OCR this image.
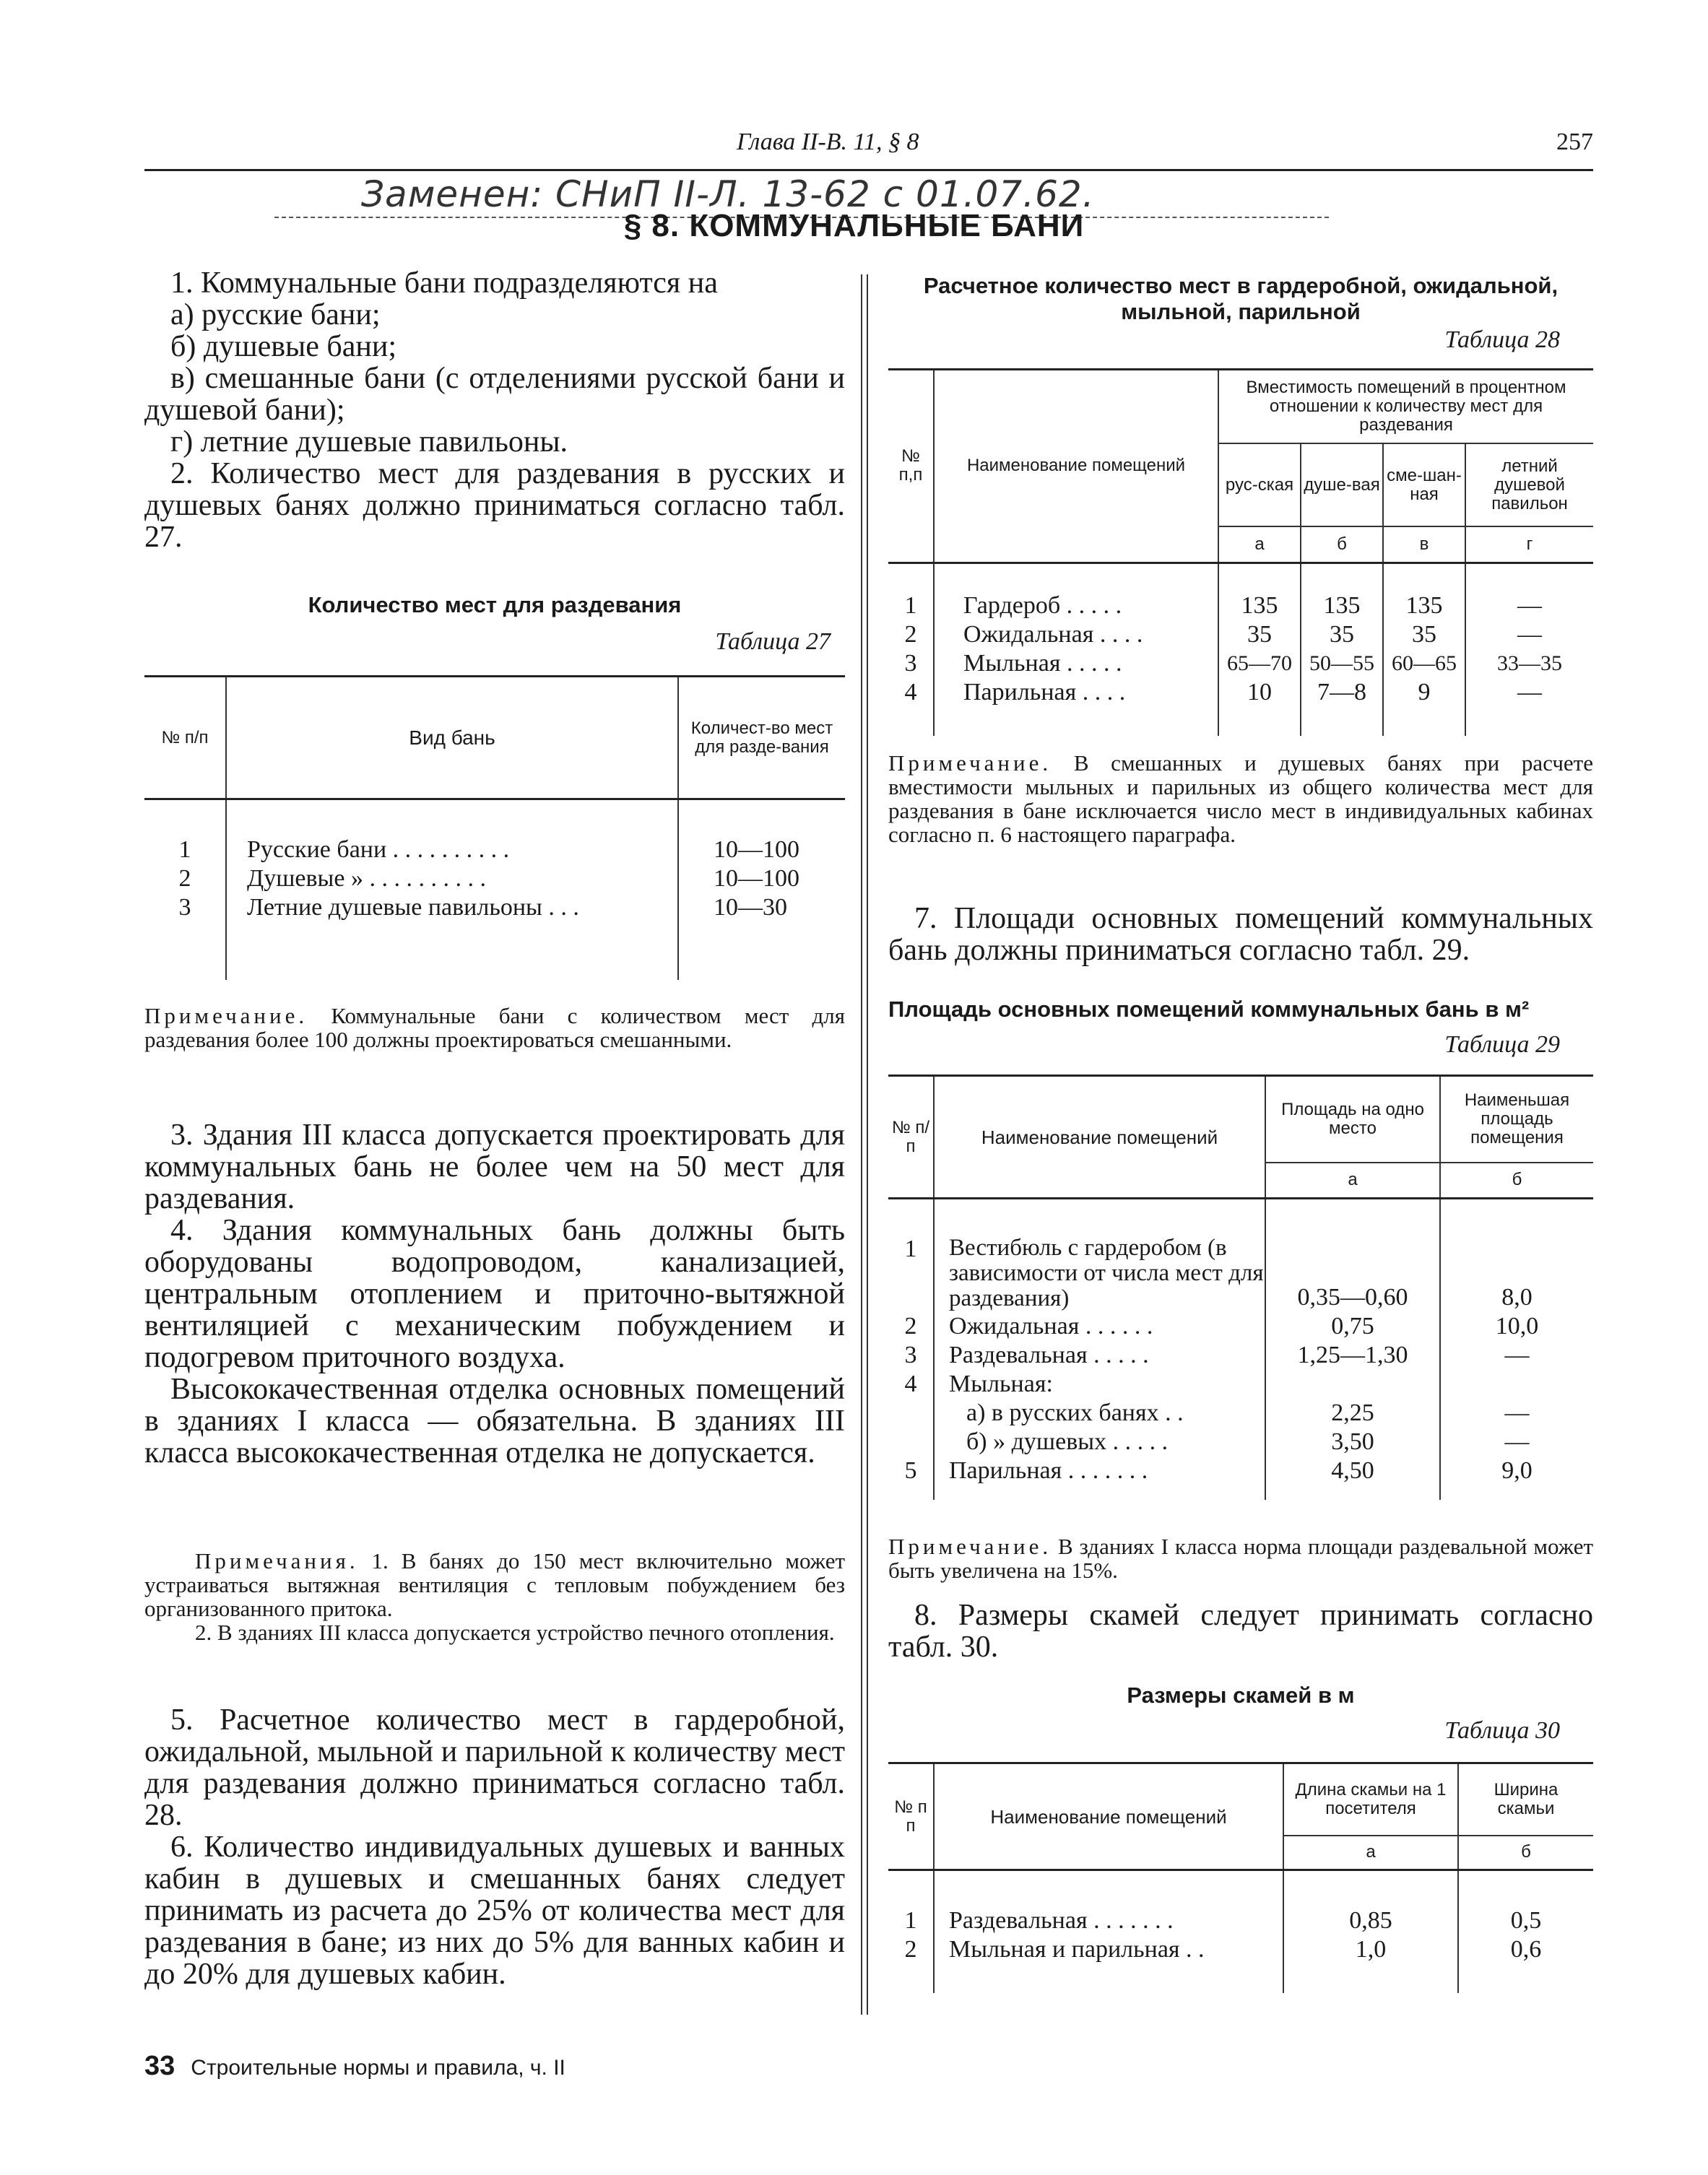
Глава II-В. 11, § 8	257
Заменен: СНиП II-Л. 13-62 с 01.07.62.
§ 8. КОММУНАЛЬНЫЕ БАНИ

1. Коммунальные бани подразделяются на

а) русские бани;

б) душевые бани;

в) смешанные бани (с отделениями русской бани и душевой бани);

г) летние душевые павильоны.

2. Количество мест для раздевания в русских и душевых банях должно приниматься согласно табл. 27.

Количество мест для раздевания
Таблица 27
№ п/п	Вид бань	Количест-во мест для разде-вания

1	Русские бани . . . . . . . . . .	10—100
2	Душевые » . . . . . . . . . .	10—100
3	Летние душевые павильоны . . .	10—30

Примечание. Коммунальные бани с количеством мест для раздевания более 100 должны проектироваться смешанными.

3. Здания III класса допускается проектировать для коммунальных бань не более чем на 50 мест для раздевания.

4. Здания коммунальных бань должны быть оборудованы водопроводом, канализацией, центральным отоплением и приточно-вытяжной вентиляцией с механическим побуждением и подогревом приточного воздуха.

Высококачественная отделка основных помещений в зданиях I класса — обязательна. В зданиях III класса высококачественная отделка не допускается.

Примечания. 1. В банях до 150 мест включительно может устраиваться вытяжная вентиляция с тепловым побуждением без организованного притока.

2. В зданиях III класса допускается устройство печного отопления.

5. Расчетное количество мест в гардеробной, ожидальной, мыльной и парильной к количеству мест для раздевания должно приниматься согласно табл. 28.

6. Количество индивидуальных душевых и ванных кабин в душевых и смешанных банях следует принимать из расчета до 25% от количества мест для раздевания в бане; из них до 5% для ванных кабин и до 20% для душевых кабин.

Расчетное количество мест в гардеробной, ожидальной, мыльной, парильной
Таблица 28
№ п,п	Наименование помещений	Вместимость помещений в процентном отношении к количеству мест для раздевания			
		рус-ская	душе-вая	сме-шан-ная	летний душевой павильон
		а	б	в	г

1	Гардероб . . . . .	135	135	135	—
2	Ожидальная . . . .	35	35	35	—
3	Мыльная . . . . .	65—70	50—55	60—65	33—35
4	Парильная . . . .	10	7—8	9	—

Примечание. В смешанных и душевых банях при расчете вместимости мыльных и парильных из общего количества мест для раздевания в бане исключается число мест в индивидуальных кабинах согласно п. 6 настоящего параграфа.

7. Площади основных помещений коммунальных бань должны приниматься согласно табл. 29.

Площадь основных помещений коммунальных бань в м²
Таблица 29
№ п/п	Наименование помещений	Площадь на одно место	Наименьшая площадь помещения
		а	б

1	Вестибюль с гардеробом (в зависимости от числа мест для раздевания)	0,35—0,60	8,0
2	Ожидальная . . . . . .	0,75	10,0
3	Раздевальная . . . . .	1,25—1,30	—
4	Мыльная:		
	а) в русских банях . .	2,25	—
	б) » душевых . . . . .	3,50	—
5	Парильная . . . . . . .	4,50	9,0

Примечание. В зданиях I класса норма площади раздевальной может быть увеличена на 15%.

8. Размеры скамей следует принимать согласно табл. 30.

Размеры скамей в м
Таблица 30
№ п п	Наименование помещений	Длина скамьи на 1 посетителя	Ширина скамьи
		а	б

1	Раздевальная . . . . . . .	0,85	0,5
2	Мыльная и парильная . .	1,0	0,6

33 Строительные нормы и правила, ч. II
